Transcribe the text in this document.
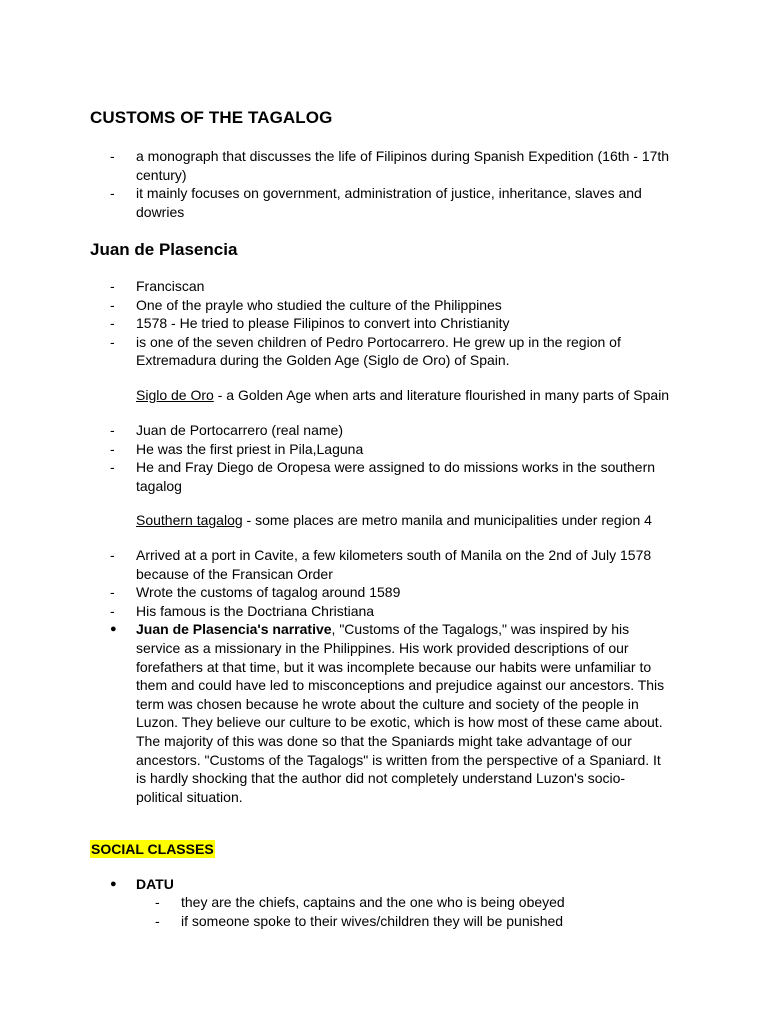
CUSTOMS OF THE TAGALOG
-	a monograph that discusses the life of Filipinos during Spanish Expedition (16th - 17th century)
-	it mainly focuses on government, administration of justice, inheritance, slaves and dowries
Juan de Plasencia
-	Franciscan
-	One of the prayle who studied the culture of the Philippines
-	1578 - He tried to please Filipinos to convert into Christianity
-	is one of the seven children of Pedro Portocarrero. He grew up in the region of Extremadura during the Golden Age (Siglo de Oro) of Spain.
Siglo de Oro - a Golden Age when arts and literature flourished in many parts of Spain
-	Juan de Portocarrero (real name)
-	He was the first priest in Pila,Laguna
-	He and Fray Diego de Oropesa were assigned to do missions works in the southern tagalog
Southern tagalog - some places are metro manila and municipalities under region 4
-	Arrived at a port in Cavite, a few kilometers south of Manila on the 2nd of July 1578 because of the Fransican Order
-	Wrote the customs of tagalog around 1589
-	His famous is the Doctriana Christiana
●	Juan de Plasencia's narrative, "Customs of the Tagalogs," was inspired by his service as a missionary in the Philippines. His work provided descriptions of our forefathers at that time, but it was incomplete because our habits were unfamiliar to them and could have led to misconceptions and prejudice against our ancestors. This term was chosen because he wrote about the culture and society of the people in Luzon. They believe our culture to be exotic, which is how most of these came about. The majority of this was done so that the Spaniards might take advantage of our ancestors. "Customs of the Tagalogs" is written from the perspective of a Spaniard. It is hardly shocking that the author did not completely understand Luzon's socio-political situation.
SOCIAL CLASSES
●	DATU
- they are the chiefs, captains and the one who is being obeyed
- if someone spoke to their wives/children they will be punished
